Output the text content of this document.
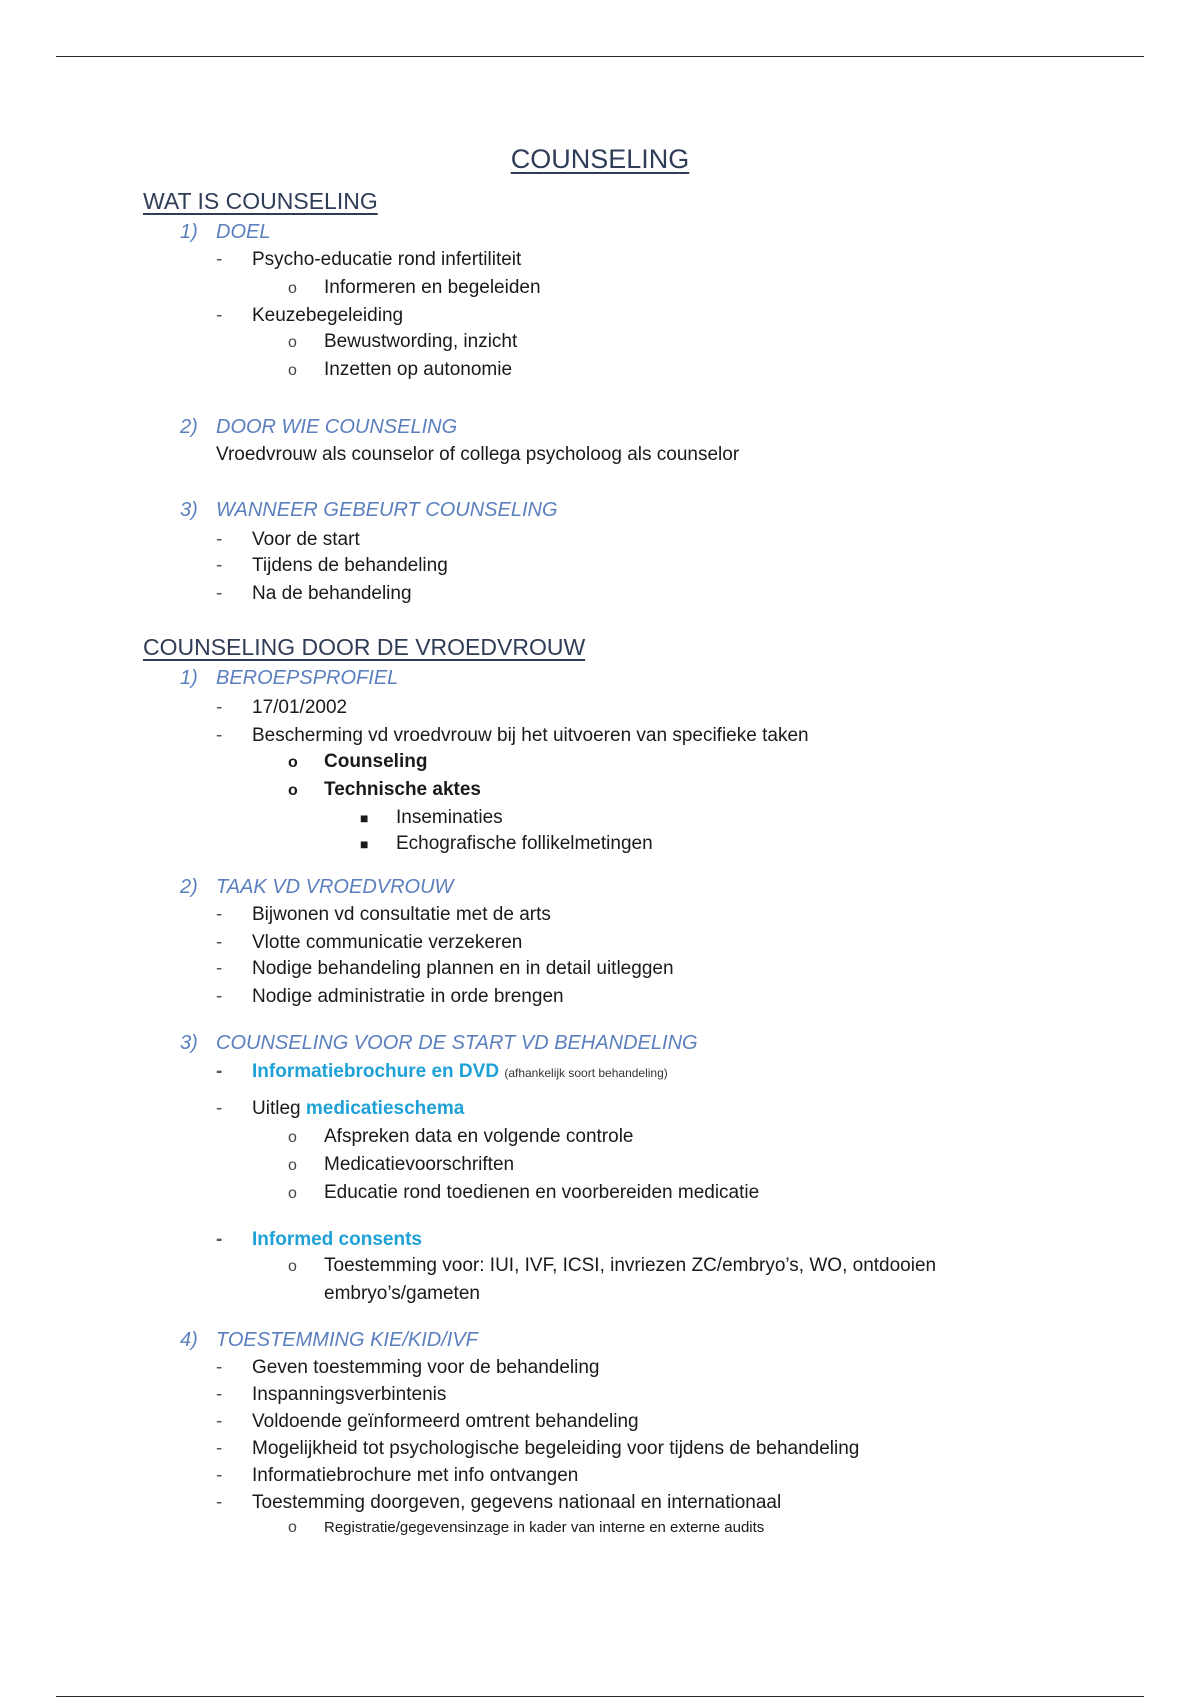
COUNSELING
WAT IS COUNSELING
1) DOEL
- Psycho-educatie rond infertiliteit
o Informeren en begeleiden
- Keuzebegeleiding
o Bewustwording, inzicht
o Inzetten op autonomie
2) DOOR WIE COUNSELING
Vroedvrouw als counselor of collega psycholoog als counselor
3) WANNEER GEBEURT COUNSELING
- Voor de start
- Tijdens de behandeling
- Na de behandeling
COUNSELING DOOR DE VROEDVROUW
1) BEROEPSPROFIEL
- 17/01/2002
- Bescherming vd vroedvrouw bij het uitvoeren van specifieke taken
o Counseling
o Technische aktes
■ Inseminaties
■ Echografische follikelmetingen
2) TAAK VD VROEDVROUW
- Bijwonen vd consultatie met de arts
- Vlotte communicatie verzekeren
- Nodige behandeling plannen en in detail uitleggen
- Nodige administratie in orde brengen
3) COUNSELING VOOR DE START VD BEHANDELING
- Informatiebrochure en DVD (afhankelijk soort behandeling)
- Uitleg medicatieschema
o Afspreken data en volgende controle
o Medicatievoorschriften
o Educatie rond toedienen en voorbereiden medicatie
- Informed consents
o Toestemming voor: IUI, IVF, ICSI, invriezen ZC/embryo’s, WO, ontdooien
embryo’s/gameten
4) TOESTEMMING KIE/KID/IVF
- Geven toestemming voor de behandeling
- Inspanningsverbintenis
- Voldoende geïnformeerd omtrent behandeling
- Mogelijkheid tot psychologische begeleiding voor tijdens de behandeling
- Informatiebrochure met info ontvangen
- Toestemming doorgeven, gegevens nationaal en internationaal
o Registratie/gegevensinzage in kader van interne en externe audits
